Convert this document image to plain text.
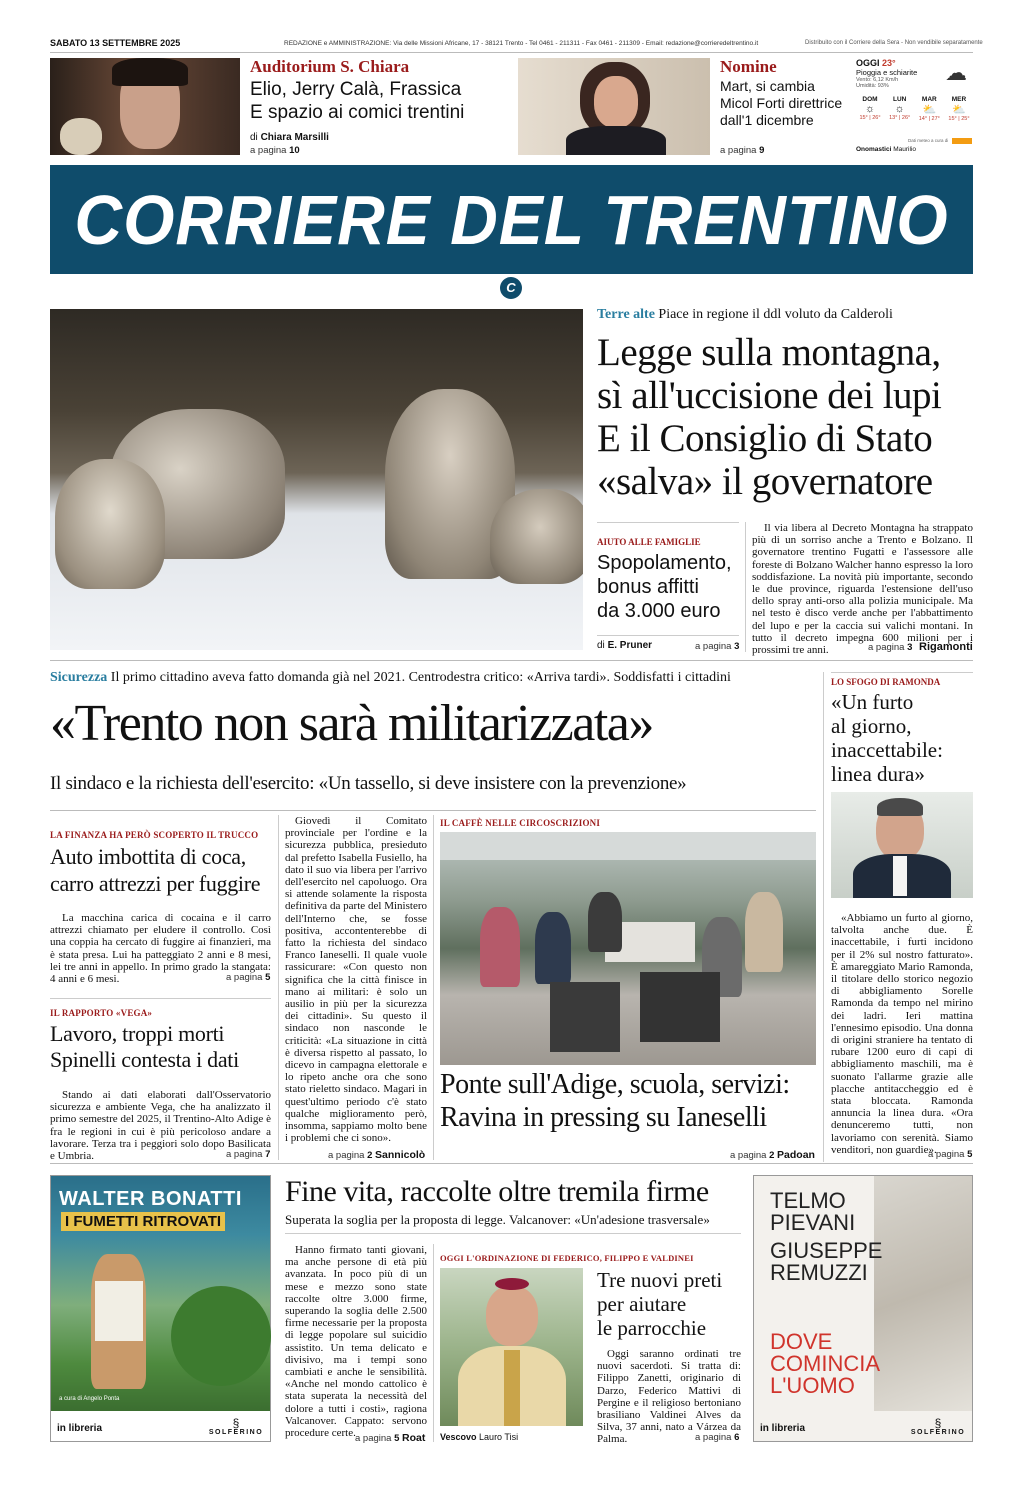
SABATO 13 SETTEMBRE 2025	REDAZIONE e AMMINISTRAZIONE: Via delle Missioni Africane, 17 - 38121 Trento - Tel 0461 - 211311 - Fax 0461 - 211309 - Email: redazione@corrieredeltrentino.it	Distribuito con il Corriere della Sera - Non vendibile separatamente
Auditorium S. Chiara
Elio, Jerry Calà, Frassica
E spazio ai comici trentini
di Chiara Marsilli
a pagina 10
Nomine
Mart, si cambia
Micol Forti direttrice
dall'1 dicembre
a pagina 9
OGGI 23°
Pioggia e schiarite
Vento: 6,12 Km/h
Umidità: 93%
☁
DOM
☼
15° | 26°
LUN
☼
13° | 26°
MAR
⛅
14° | 27°
MER
⛅
15° | 25°
Dati meteo a cura di
Onomastici Maurilio
CORRIERE DEL TRENTINO
C
Terre alte Piace in regione il ddl voluto da Calderoli
Legge sulla montagna,
sì all'uccisione dei lupi
E il Consiglio di Stato
«salva» il governatore
AIUTO ALLE FAMIGLIE
Spopolamento,
bonus affitti
da 3.000 euro
di E. Pruner	a pagina 3
Il via libera al Decreto Montagna ha strappato più di un sorriso anche a Trento e Bolzano. Il governatore trentino Fugatti e l'assessore alle foreste di Bolzano Walcher hanno espresso la loro soddisfazione. La novità più importante, secondo le due province, riguarda l'estensione dell'uso dello spray anti-orso alla polizia municipale. Ma nel testo è disco verde anche per l'abbattimento del lupo e per la caccia sui valichi montani. In tutto il decreto impegna 600 milioni per i prossimi tre anni.	a pagina 3 Rigamonti
Sicurezza Il primo cittadino aveva fatto domanda già nel 2021. Centrodestra critico: «Arriva tardi». Soddisfatti i cittadini
«Trento non sarà militarizzata»
Il sindaco e la richiesta dell'esercito: «Un tassello, si deve insistere con la prevenzione»
LA FINANZA HA PERÒ SCOPERTO IL TRUCCO
Auto imbottita di coca,
carro attrezzi per fuggire
La macchina carica di cocaina e il carro attrezzi chiamato per eludere il controllo. Così una coppia ha cercato di fuggire ai finanzieri, ma è stata presa. Lui ha patteggiato 2 anni e 8 mesi, lei tre anni in appello. In primo grado la stangata: 4 anni e 6 mesi.	a pagina 5
IL RAPPORTO «VEGA»
Lavoro, troppi morti
Spinelli contesta i dati
Stando ai dati elaborati dall'Osservatorio sicurezza e ambiente Vega, che ha analizzato il primo semestre del 2025, il Trentino-Alto Adige è fra le regioni in cui è più pericoloso andare a lavorare. Terza tra i peggiori solo dopo Basilicata e Umbria.	a pagina 7
Giovedì il Comitato provinciale per l'ordine e la sicurezza pubblica, presieduto dal prefetto Isabella Fusiello, ha dato il suo via libera per l'arrivo dell'esercito nel capoluogo. Ora si attende solamente la risposta definitiva da parte del Ministero dell'Interno che, se fosse positiva, accontenterebbe di fatto la richiesta del sindaco Franco Ianeselli. Il quale vuole rassicurare: «Con questo non significa che la città finisce in mano ai militari: è solo un ausilio in più per la sicurezza dei cittadini». Su questo il sindaco non nasconde le criticità: «La situazione in città è diversa rispetto al passato, lo dicevo in campagna elettorale e lo ripeto anche ora che sono stato rieletto sindaco. Magari in quest'ultimo periodo c'è stato qualche miglioramento però, insomma, sappiamo molto bene i problemi che ci sono».
a pagina 2 Sannicolò
IL CAFFÈ NELLE CIRCOSCRIZIONI
Ponte sull'Adige, scuola, servizi:
Ravina in pressing su Ianeselli
a pagina 2 Padoan
LO SFOGO DI RAMONDA
«Un furto
al giorno,
inaccettabile:
linea dura»
«Abbiamo un furto al giorno, talvolta anche due. È inaccettabile, i furti incidono per il 2% sul nostro fatturato». È amareggiato Mario Ramonda, il titolare dello storico negozio di abbigliamento Sorelle Ramonda da tempo nel mirino dei ladri. Ieri mattina l'ennesimo episodio. Una donna di origini straniere ha tentato di rubare 1200 euro di capi di abbigliamento maschili, ma è suonato l'allarme grazie alle placche antitaccheggio ed è stata bloccata. Ramonda annuncia la linea dura. «Ora denunceremo tutti, non lavoriamo con serenità. Siamo venditori, non guardie».
a pagina 5
WALTER BONATTI
I FUMETTI RITROVATI
a cura di Angelo Ponta
in libreria	§
SOLFERINO
Fine vita, raccolte oltre tremila firme
Superata la soglia per la proposta di legge. Valcanover: «Un'adesione trasversale»
Hanno firmato tanti giovani, ma anche persone di età più avanzata. In poco più di un mese e mezzo sono state raccolte oltre 3.000 firme, superando la soglia delle 2.500 firme necessarie per la proposta di legge popolare sul suicidio assistito. Un tema delicato e divisivo, ma i tempi sono cambiati e anche le sensibilità. «Anche nel mondo cattolico è stata superata la necessità del dolore a tutti i costi», ragiona Valcanover. Cappato: servono procedure certe. a pagina 5 Roat
OGGI L'ORDINAZIONE DI FEDERICO, FILIPPO E VALDINEI
Vescovo Lauro Tisi
Tre nuovi preti
per aiutare
le parrocchie
Oggi saranno ordinati tre nuovi sacerdoti. Si tratta di: Filippo Zanetti, originario di Darzo, Federico Mattivi di Pergine e il religioso bertoniano brasiliano Valdinei Alves da Silva, 37 anni, nato a Várzea da Palma.	a pagina 6
TELMO
PIEVANI
GIUSEPPE
REMUZZI
DOVE
COMINCIA
L'UOMO
in libreria	§
SOLFERINO
